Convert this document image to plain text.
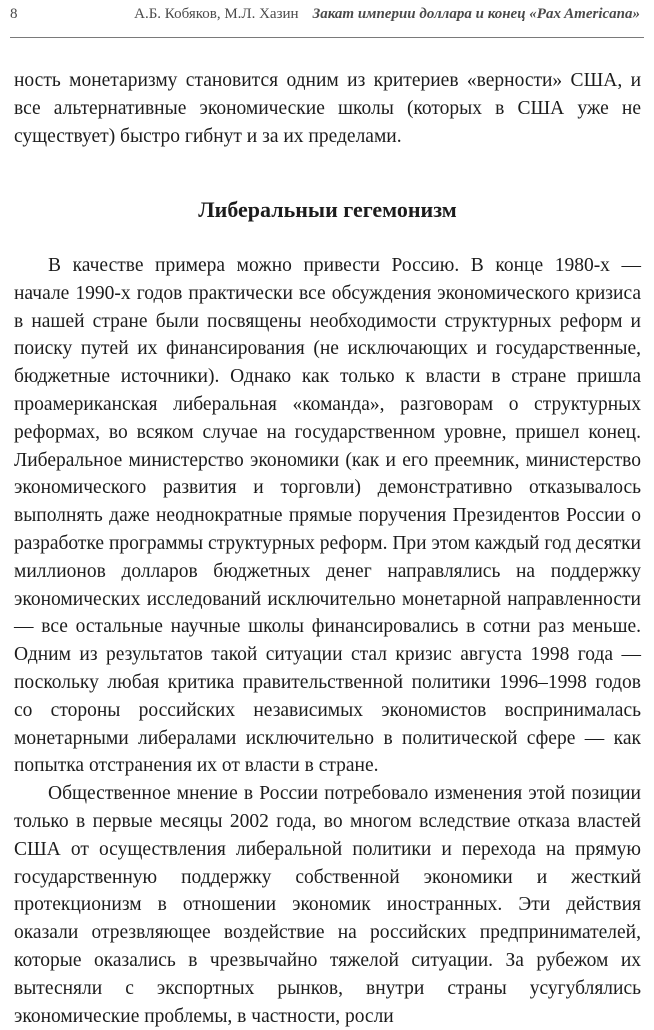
8	А.Б. Кобяков, М.Л. Хазин Закат империи доллара и конец «Pax Americana»

ность монетаризму становится одним из критериев «верности» США, и все альтернативные экономические школы (которых в США уже не существует) быстро гибнут и за их пределами.

Либеральныи гегемонизм

В качестве примера можно привести Россию. В конце 1980-х — начале 1990-х годов практически все обсуждения экономического кризиса в нашей стране были посвящены необходимости структурных реформ и поиску путей их финансирования (не исключающих и государственные, бюджетные источники). Однако как только к власти в стране пришла проамериканская либеральная «команда», разговорам о структурных реформах, во всяком случае на государственном уровне, пришел конец. Либеральное министерство экономики (как и его преемник, министерство экономического развития и торговли) демонстративно отказывалось выполнять даже неоднократные прямые поручения Президентов России о разработке программы структурных реформ. При этом каждый год десятки миллионов долларов бюджетных денег направлялись на поддержку экономических исследований исключительно монетарной направленности — все остальные научные школы финансировались в сотни раз меньше. Одним из результатов такой ситуации стал кризис августа 1998 года — поскольку любая критика правительственной политики 1996–1998 годов со стороны российских независимых экономистов воспринималась монетарными либералами исключительно в политической сфере — как попытка отстранения их от власти в стране.

Общественное мнение в России потребовало изменения этой позиции только в первые месяцы 2002 года, во многом вследствие отказа властей США от осуществления либеральной политики и перехода на прямую государственную поддержку собственной экономики и жесткий протекционизм в отношении экономик иностранных. Эти действия оказали отрезвляющее воздействие на российских предпринимателей, которые оказались в чрезвычайно тяжелой ситуации. За рубежом их вытесняли с экспортных рынков, внутри страны усугублялись экономические проблемы, в частности, росли
